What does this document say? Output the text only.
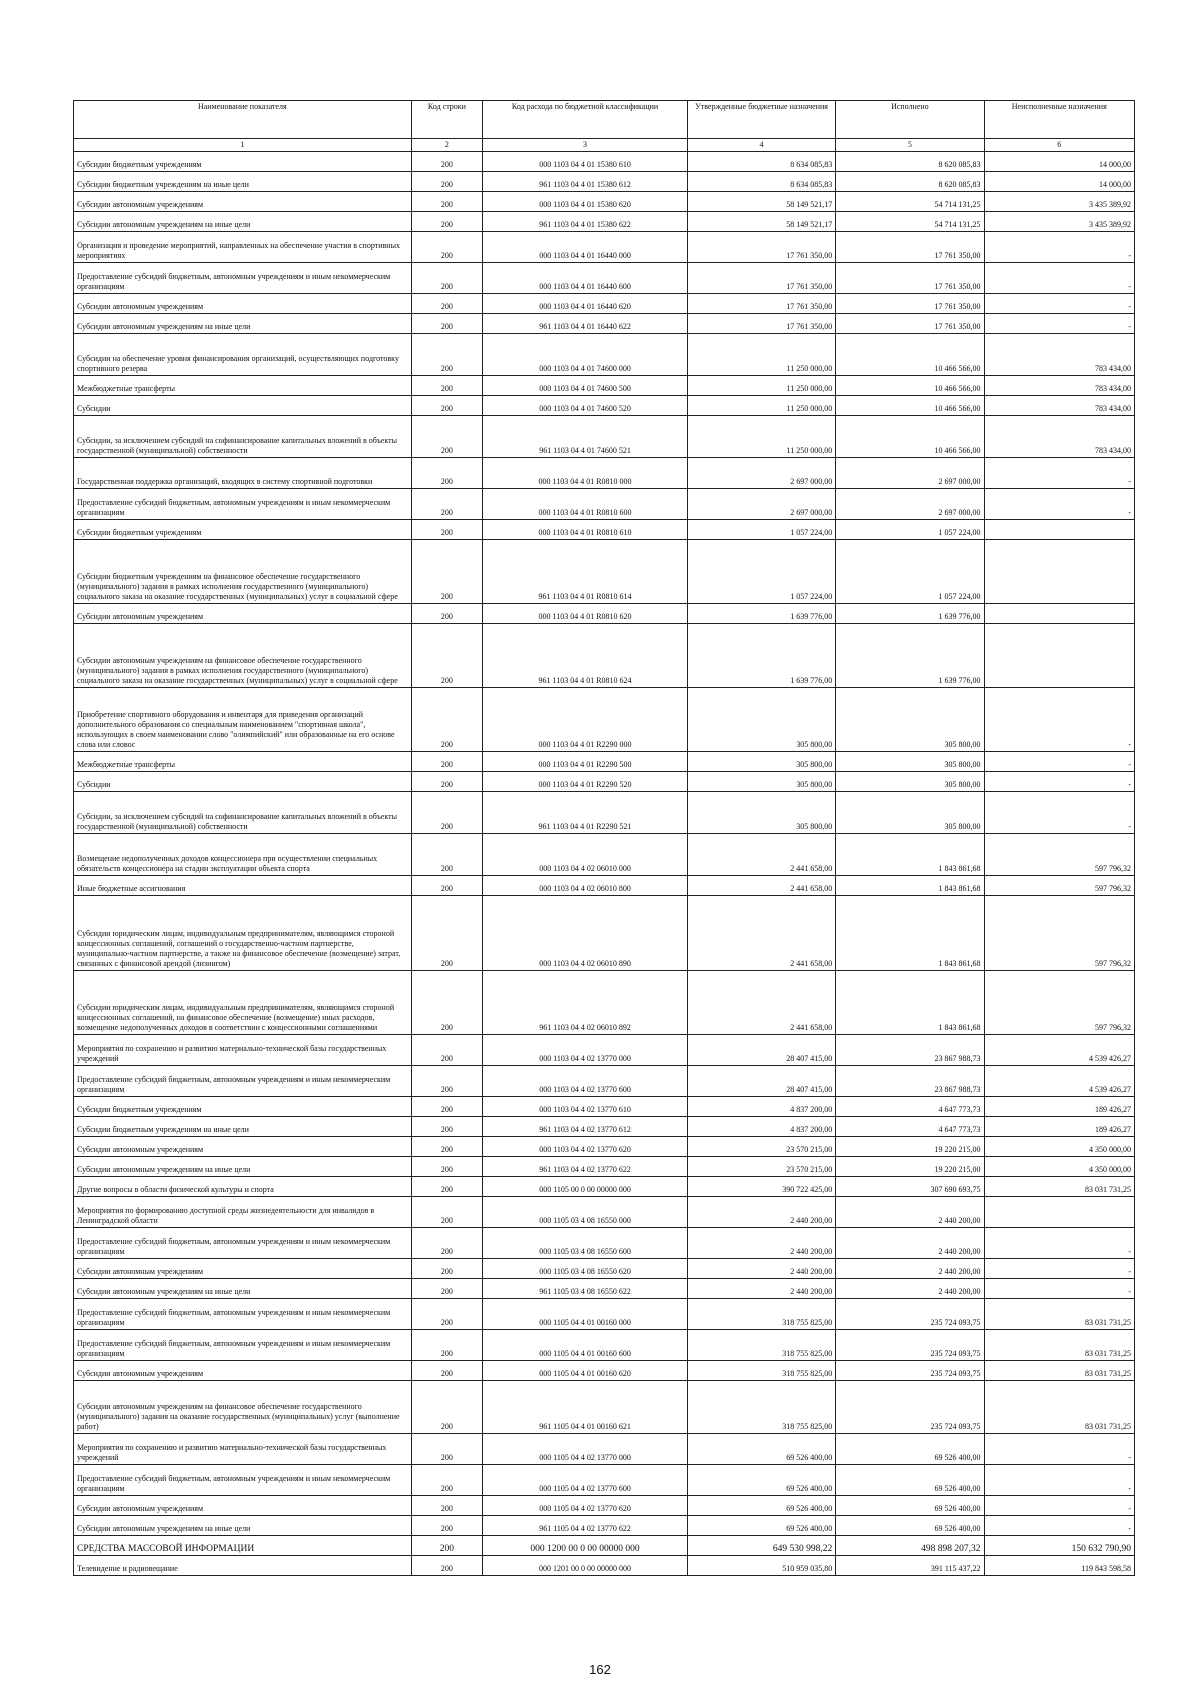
Наименование показателя	Код строки	Код расхода по бюджетной классификации	Утвержденные бюджетные назначения	Исполнено	Неисполненные назначения
1	2	3	4	5	6
Субсидии бюджетным учреждениям	200	000 1103 04 4 01 15380 610	8 634 085,83	8 620 085,83	14 000,00
Субсидии бюджетным учреждениям на иные цели	200	961 1103 04 4 01 15380 612	8 634 085,83	8 620 085,83	14 000,00
Субсидии автономным учреждениям	200	000 1103 04 4 01 15380 620	58 149 521,17	54 714 131,25	3 435 389,92
Субсидии автономным учреждениям на иные цели	200	961 1103 04 4 01 15380 622	58 149 521,17	54 714 131,25	3 435 389,92
Организация и проведение мероприятий, направленных на обеспечение участия в спортивных мероприятиях	200	000 1103 04 4 01 16440 000	17 761 350,00	17 761 350,00	-
Предоставление субсидий бюджетным, автономным учреждениям и иным некоммерческим организациям	200	000 1103 04 4 01 16440 600	17 761 350,00	17 761 350,00	-
Субсидии автономным учреждениям	200	000 1103 04 4 01 16440 620	17 761 350,00	17 761 350,00	-
Субсидии автономным учреждениям на иные цели	200	961 1103 04 4 01 16440 622	17 761 350,00	17 761 350,00	-
Субсидии на обеспечение уровня финансирования организаций, осуществляющих подготовку спортивного резерва	200	000 1103 04 4 01 74600 000	11 250 000,00	10 466 566,00	783 434,00
Межбюджетные трансферты	200	000 1103 04 4 01 74600 500	11 250 000,00	10 466 566,00	783 434,00
Субсидии	200	000 1103 04 4 01 74600 520	11 250 000,00	10 466 566,00	783 434,00
Субсидии, за исключением субсидий на софинансирование капитальных вложений в объекты государственной (муниципальной) собственности	200	961 1103 04 4 01 74600 521	11 250 000,00	10 466 566,00	783 434,00
Государственная поддержка организаций, входящих в систему спортивной подготовки	200	000 1103 04 4 01 R0810 000	2 697 000,00	2 697 000,00	-
Предоставление субсидий бюджетным, автономным учреждениям и иным некоммерческим организациям	200	000 1103 04 4 01 R0810 600	2 697 000,00	2 697 000,00	-
Субсидии бюджетным учреждениям	200	000 1103 04 4 01 R0810 610	1 057 224,00	1 057 224,00	
Субсидии бюджетным учреждениям на финансовое обеспечение государственного (муниципального) задания в рамках исполнения государственного (муниципального) социального заказа на оказание государственных (муниципальных) услуг в социальной сфере	200	961 1103 04 4 01 R0810 614	1 057 224,00	1 057 224,00	
Субсидии автономным учреждениям	200	000 1103 04 4 01 R0810 620	1 639 776,00	1 639 776,00	
Субсидии автономным учреждениям на финансовое обеспечение государственного (муниципального) задания в рамках исполнения государственного (муниципального) социального заказа на оказание государственных (муниципальных) услуг в социальной сфере	200	961 1103 04 4 01 R0810 624	1 639 776,00	1 639 776,00	
Приобретение спортивного оборудования и инвентаря для приведения организаций дополнительного образования со специальным наименованием "спортивная школа", использующих в своем наименовании слово "олимпийский" или образованные на его основе слова или словос	200	000 1103 04 4 01 R2290 000	305 800,00	305 800,00	-
Межбюджетные трансферты	200	000 1103 04 4 01 R2290 500	305 800,00	305 800,00	-
Субсидии	200	000 1103 04 4 01 R2290 520	305 800,00	305 800,00	-
Субсидии, за исключением субсидий на софинансирование капитальных вложений в объекты государственной (муниципальной) собственности	200	961 1103 04 4 01 R2290 521	305 800,00	305 800,00	-
Возмещение недополученных доходов концессионера при осуществлении специальных обязательств концессионера на стадии эксплуатации объекта спорта	200	000 1103 04 4 02 06010 000	2 441 658,00	1 843 861,68	597 796,32
Иные бюджетные ассигнования	200	000 1103 04 4 02 06010 800	2 441 658,00	1 843 861,68	597 796,32
Субсидии юридическим лицам, индивидуальным предпринимателям, являющимся стороной концессионных соглашений, соглашений о государственно-частном партнерстве, муниципально-частном партнерстве, а также на финансовое обеспечение (возмещение) затрат, связанных с финансовой арендой (лизингом)	200	000 1103 04 4 02 06010 890	2 441 658,00	1 843 861,68	597 796,32
Субсидии юридическим лицам, индивидуальным предпринимателям, являющимся стороной концессионных соглашений, на финансовое обеспечение (возмещение) иных расходов, возмещение недополученных доходов в соответствии с концессионными соглашениями	200	961 1103 04 4 02 06010 892	2 441 658,00	1 843 861,68	597 796,32
Мероприятия по сохранению и развитию материально-технической базы государственных учреждений	200	000 1103 04 4 02 13770 000	28 407 415,00	23 867 988,73	4 539 426,27
Предоставление субсидий бюджетным, автономным учреждениям и иным некоммерческим организациям	200	000 1103 04 4 02 13770 600	28 407 415,00	23 867 988,73	4 539 426,27
Субсидии бюджетным учреждениям	200	000 1103 04 4 02 13770 610	4 837 200,00	4 647 773,73	189 426,27
Субсидии бюджетным учреждениям на иные цели	200	961 1103 04 4 02 13770 612	4 837 200,00	4 647 773,73	189 426,27
Субсидии автономным учреждениям	200	000 1103 04 4 02 13770 620	23 570 215,00	19 220 215,00	4 350 000,00
Субсидии автономным учреждениям на иные цели	200	961 1103 04 4 02 13770 622	23 570 215,00	19 220 215,00	4 350 000,00
Другие вопросы в области физической культуры и спорта	200	000 1105 00 0 00 00000 000	390 722 425,00	307 690 693,75	83 031 731,25
Мероприятия по формированию доступной среды жизнедеятельности для инвалидов в Ленинградской области	200	000 1105 03 4 08 16550 000	2 440 200,00	2 440 200,00	
Предоставление субсидий бюджетным, автономным учреждениям и иным некоммерческим организациям	200	000 1105 03 4 08 16550 600	2 440 200,00	2 440 200,00	-
Субсидии автономным учреждениям	200	000 1105 03 4 08 16550 620	2 440 200,00	2 440 200,00	-
Субсидии автономным учреждениям на иные цели	200	961 1105 03 4 08 16550 622	2 440 200,00	2 440 200,00	-
Предоставление субсидий бюджетным, автономным учреждениям и иным некоммерческим организациям	200	000 1105 04 4 01 00160 000	318 755 825,00	235 724 093,75	83 031 731,25
Предоставление субсидий бюджетным, автономным учреждениям и иным некоммерческим организациям	200	000 1105 04 4 01 00160 600	318 755 825,00	235 724 093,75	83 031 731,25
Субсидии автономным учреждениям	200	000 1105 04 4 01 00160 620	318 755 825,00	235 724 093,75	83 031 731,25
Субсидии автономным учреждениям на финансовое обеспечение государственного (муниципального) задания на оказание государственных (муниципальных) услуг (выполнение работ)	200	961 1105 04 4 01 00160 621	318 755 825,00	235 724 093,75	83 031 731,25
Мероприятия по сохранению и развитию материально-технической базы государственных учреждений	200	000 1105 04 4 02 13770 000	69 526 400,00	69 526 400,00	-
Предоставление субсидий бюджетным, автономным учреждениям и иным некоммерческим организациям	200	000 1105 04 4 02 13770 600	69 526 400,00	69 526 400,00	-
Субсидии автономным учреждениям	200	000 1105 04 4 02 13770 620	69 526 400,00	69 526 400,00	-
Субсидии автономным учреждениям на иные цели	200	961 1105 04 4 02 13770 622	69 526 400,00	69 526 400,00	-
СРЕДСТВА МАССОВОЙ ИНФОРМАЦИИ	200	000 1200 00 0 00 00000 000	649 530 998,22	498 898 207,32	150 632 790,90
Телевидение и радиовещание	200	000 1201 00 0 00 00000 000	510 959 035,80	391 115 437,22	119 843 598,58
162
